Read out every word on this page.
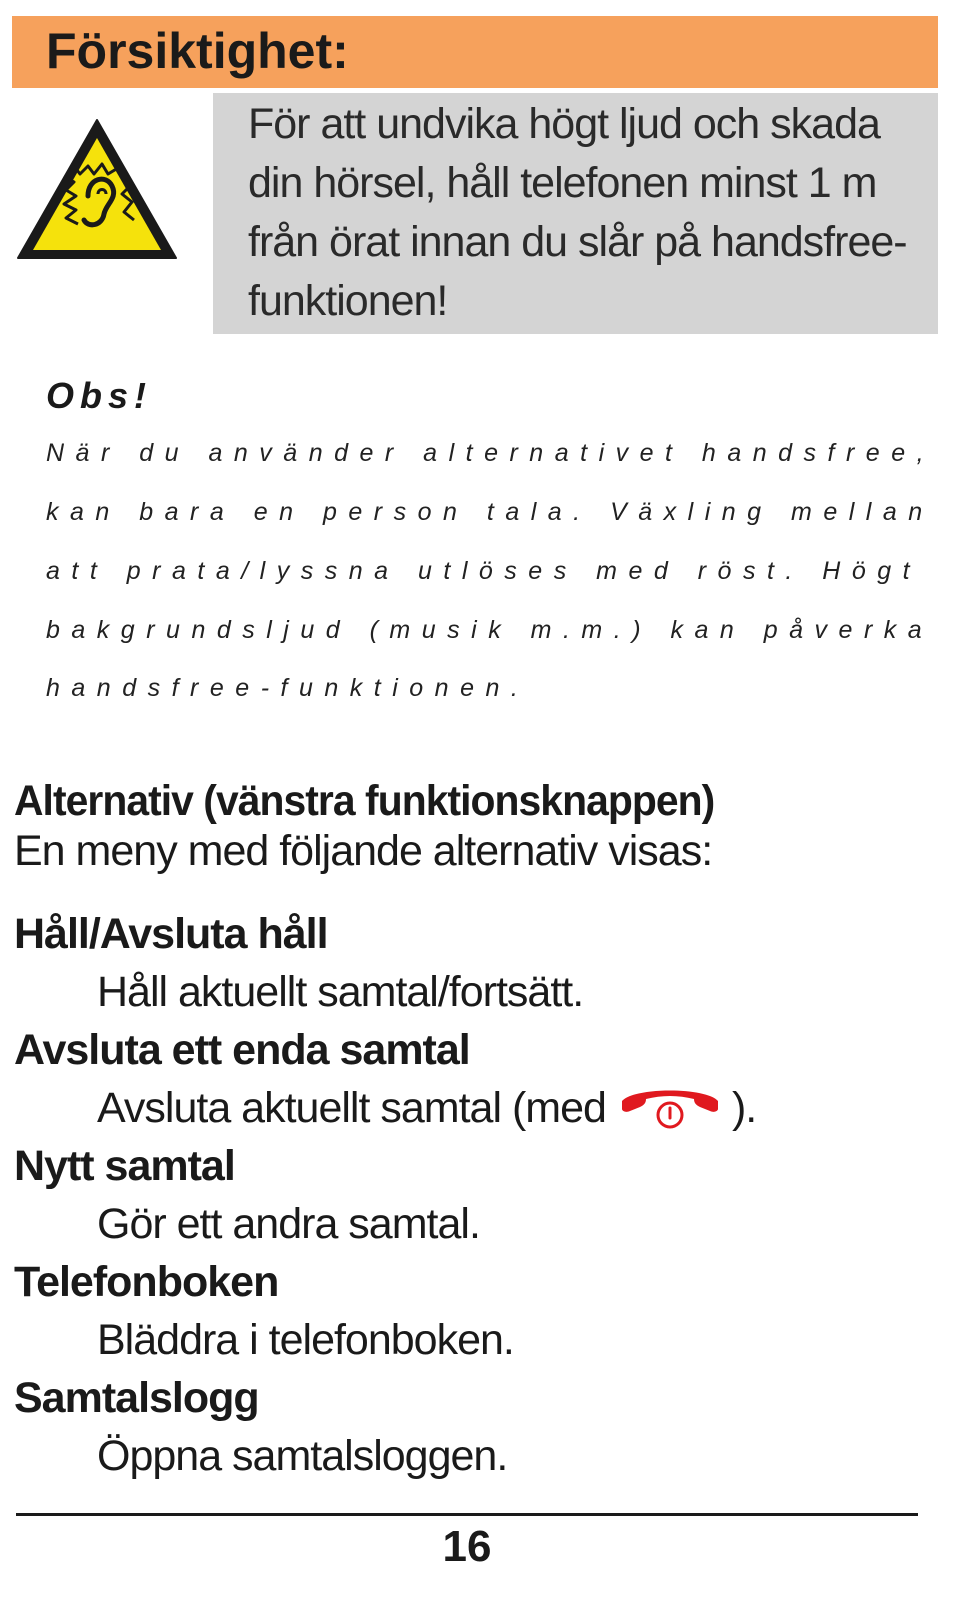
Försiktighet:
För att undvika högt ljud och skada din hörsel, håll telefonen minst 1 m från örat innan du slår på handsfree- funktionen!
Obs!
När du använder alternativet handsfree,
kan bara en person tala. Växling mellan
att prata/lyssna utlöses med röst. Högt
bakgrundsljud (musik m.m.) kan påverka
handsfree-funktionen.
Alternativ (vänstra funktionsknappen)
En meny med följande alternativ visas:
Håll/Avsluta håll
Håll aktuellt samtal/fortsätt.
Avsluta ett enda samtal
Avsluta aktuellt samtal (med	).
Nytt samtal
Gör ett andra samtal.
Telefonboken
Bläddra i telefonboken.
Samtalslogg
Öppna samtalsloggen.
16
